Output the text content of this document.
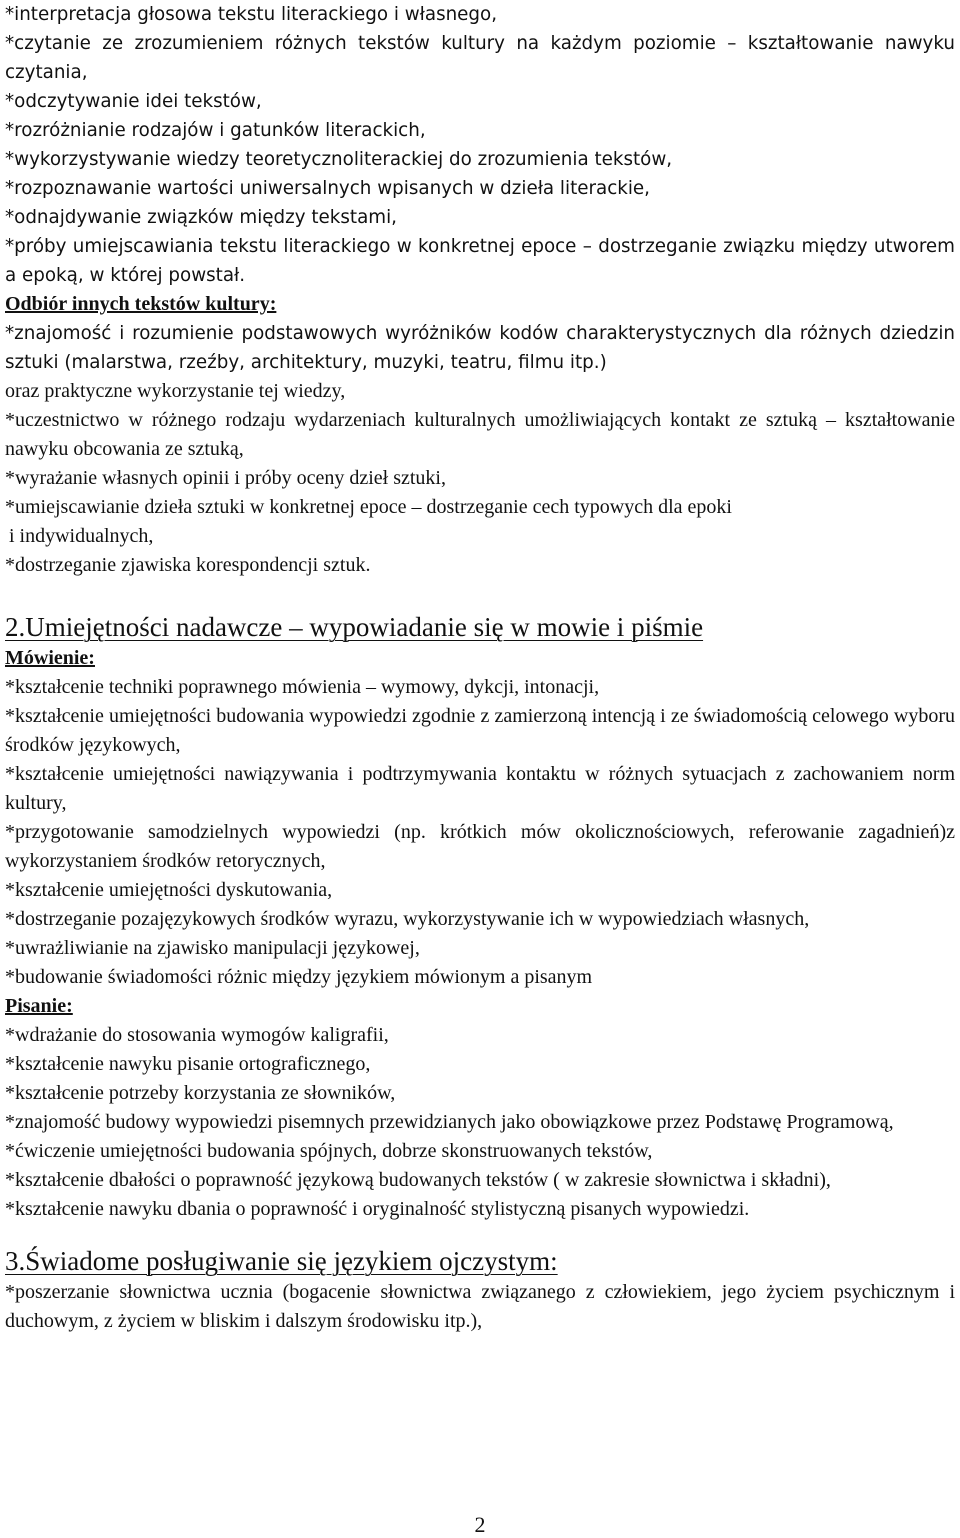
*interpretacja głosowa tekstu literackiego i własnego,

*czytanie ze zrozumieniem różnych tekstów kultury na każdym poziomie – kształtowanie nawyku czytania,

*odczytywanie idei tekstów,

*rozróżnianie rodzajów i gatunków literackich,

*wykorzystywanie wiedzy teoretycznoliterackiej do zrozumienia tekstów,

*rozpoznawanie wartości uniwersalnych wpisanych w dzieła literackie,

*odnajdywanie związków między tekstami,

*próby umiejscawiania tekstu literackiego w konkretnej epoce – dostrzeganie związku między utworem a epoką, w której powstał.

Odbiór innych tekstów kultury:

*znajomość i rozumienie podstawowych wyróżników kodów charakterystycznych dla różnych dziedzin sztuki (malarstwa, rzeźby, architektury, muzyki, teatru, filmu itp.)

oraz praktyczne wykorzystanie tej wiedzy,

*uczestnictwo w różnego rodzaju wydarzeniach kulturalnych umożliwiających kontakt ze sztuką – kształtowanie nawyku obcowania ze sztuką,

*wyrażanie własnych opinii i próby oceny dzieł sztuki,

*umiejscawianie dzieła sztuki w konkretnej epoce – dostrzeganie cech typowych dla epoki

i indywidualnych,

*dostrzeganie zjawiska korespondencji sztuk.

2.Umiejętności nadawcze – wypowiadanie się w mowie i piśmie

Mówienie:

*kształcenie techniki poprawnego mówienia – wymowy, dykcji, intonacji,

*kształcenie umiejętności budowania wypowiedzi zgodnie z zamierzoną intencją i ze świadomością celowego wyboru środków językowych,

*kształcenie umiejętności nawiązywania i podtrzymywania kontaktu w różnych sytuacjach z zachowaniem norm kultury,

*przygotowanie samodzielnych wypowiedzi (np. krótkich mów okolicznościowych, referowanie zagadnień)z wykorzystaniem środków retorycznych,

*kształcenie umiejętności dyskutowania,

*dostrzeganie pozajęzykowych środków wyrazu, wykorzystywanie ich w wypowiedziach własnych,

*uwrażliwianie na zjawisko manipulacji językowej,

*budowanie świadomości różnic między językiem mówionym a pisanym

Pisanie:

*wdrażanie do stosowania wymogów kaligrafii,

*kształcenie nawyku pisanie ortograficznego,

*kształcenie potrzeby korzystania ze słowników,

*znajomość budowy wypowiedzi pisemnych przewidzianych jako obowiązkowe przez Podstawę Programową,

*ćwiczenie umiejętności budowania spójnych, dobrze skonstruowanych tekstów,

*kształcenie dbałości o poprawność językową budowanych tekstów ( w zakresie słownictwa i składni),

*kształcenie nawyku dbania o poprawność i oryginalność stylistyczną pisanych wypowiedzi.

3.Świadome posługiwanie się językiem ojczystym:

*poszerzanie słownictwa ucznia (bogacenie słownictwa związanego z człowiekiem, jego życiem psychicznym i duchowym, z życiem w bliskim i dalszym środowisku itp.),

2
